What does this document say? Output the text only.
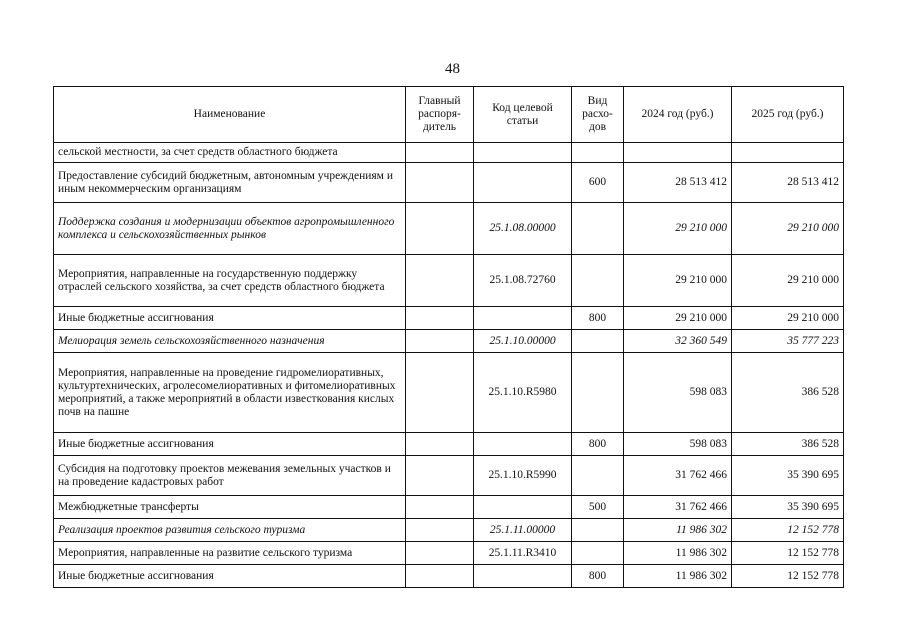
48
Наименование	Главный распоря-дитель	Код целевой статьи	Вид расхо-дов	2024 год (руб.)	2025 год (руб.)
сельской местности, за счет средств областного бюджета					
Предоставление субсидий бюджетным, автономным учреждениям и иным некоммерческим организациям			600	28 513 412	28 513 412
Поддержка создания и модернизации объектов агропромышленного комплекса и сельскохозяйственных рынков		25.1.08.00000		29 210 000	29 210 000
Мероприятия, направленные на государственную поддержку отраслей сельского хозяйства, за счет средств областного бюджета		25.1.08.72760		29 210 000	29 210 000
Иные бюджетные ассигнования			800	29 210 000	29 210 000
Мелиорация земель сельскохозяйственного назначения		25.1.10.00000		32 360 549	35 777 223
Мероприятия, направленные на проведение гидромелиоративных, культуртехнических, агролесомелиоративных и фитомелиоративных мероприятий, а также мероприятий в области известкования кислых почв на пашне		25.1.10.R5980		598 083	386 528
Иные бюджетные ассигнования			800	598 083	386 528
Субсидия на подготовку проектов межевания земельных участков и на проведение кадастровых работ		25.1.10.R5990		31 762 466	35 390 695
Межбюджетные трансферты			500	31 762 466	35 390 695
Реализация проектов развития сельского туризма		25.1.11.00000		11 986 302	12 152 778
Мероприятия, направленные на развитие сельского туризма		25.1.11.R3410		11 986 302	12 152 778
Иные бюджетные ассигнования			800	11 986 302	12 152 778
